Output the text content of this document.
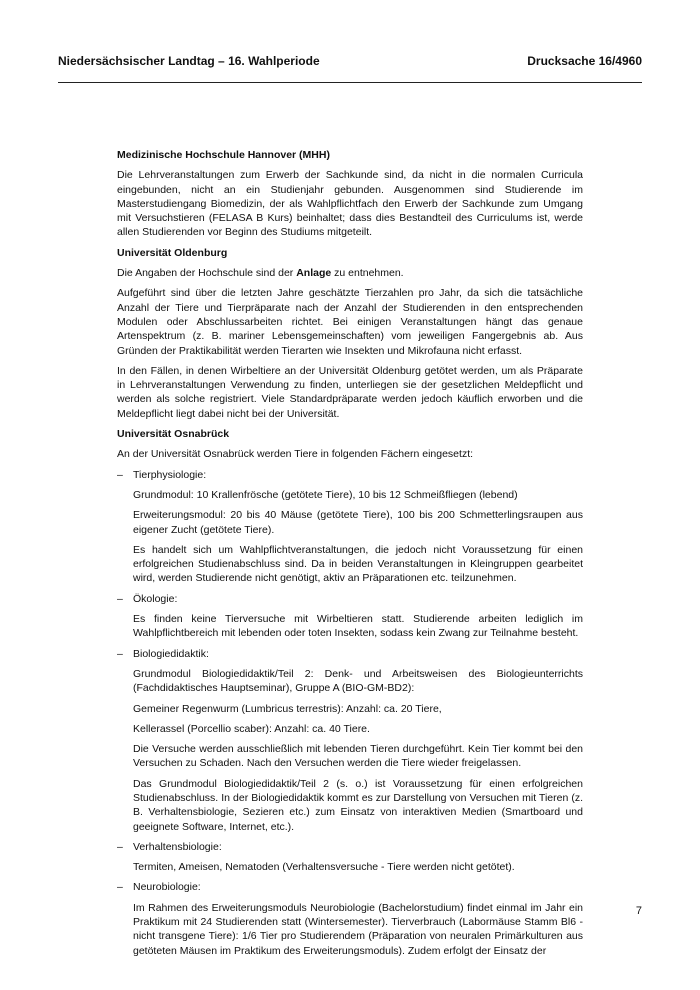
Niedersächsischer Landtag – 16. Wahlperiode	Drucksache 16/4960
Medizinische Hochschule Hannover (MHH)

Die Lehrveranstaltungen zum Erwerb der Sachkunde sind, da nicht in die normalen Curricula eingebunden, nicht an ein Studienjahr gebunden. Ausgenommen sind Studierende im Masterstudiengang Biomedizin, der als Wahlpflichtfach den Erwerb der Sachkunde zum Umgang mit Versuchstieren (FELASA B Kurs) beinhaltet; dass dies Bestandteil des Curriculums ist, werde allen Studierenden vor Beginn des Studiums mitgeteilt.

Universität Oldenburg

Die Angaben der Hochschule sind der Anlage zu entnehmen.

Aufgeführt sind über die letzten Jahre geschätzte Tierzahlen pro Jahr, da sich die tatsächliche Anzahl der Tiere und Tierpräparate nach der Anzahl der Studierenden in den entsprechenden Modulen oder Abschlussarbeiten richtet. Bei einigen Veranstaltungen hängt das genaue Artenspektrum (z. B. mariner Lebensgemeinschaften) vom jeweiligen Fangergebnis ab. Aus Gründen der Praktikabilität werden Tierarten wie Insekten und Mikrofauna nicht erfasst.

In den Fällen, in denen Wirbeltiere an der Universität Oldenburg getötet werden, um als Präparate in Lehrveranstaltungen Verwendung zu finden, unterliegen sie der gesetzlichen Meldepflicht und werden als solche registriert. Viele Standardpräparate werden jedoch käuflich erworben und die Meldepflicht liegt dabei nicht bei der Universität.

Universität Osnabrück

An der Universität Osnabrück werden Tiere in folgenden Fächern eingesetzt:

– Tierphysiologie:

Grundmodul: 10 Krallenfrösche (getötete Tiere), 10 bis 12 Schmeißfliegen (lebend)

Erweiterungsmodul: 20 bis 40 Mäuse (getötete Tiere), 100 bis 200 Schmetterlingsraupen aus eigener Zucht (getötete Tiere).

Es handelt sich um Wahlpflichtveranstaltungen, die jedoch nicht Voraussetzung für einen erfolgreichen Studienabschluss sind. Da in beiden Veranstaltungen in Kleingruppen gearbeitet wird, werden Studierende nicht genötigt, aktiv an Präparationen etc. teilzunehmen.

– Ökologie:

Es finden keine Tierversuche mit Wirbeltieren statt. Studierende arbeiten lediglich im Wahlpflichtbereich mit lebenden oder toten Insekten, sodass kein Zwang zur Teilnahme besteht.

– Biologiedidaktik:

Grundmodul Biologiedidaktik/Teil 2: Denk- und Arbeitsweisen des Biologieunterrichts (Fachdidaktisches Hauptseminar), Gruppe A (BIO-GM-BD2):

Gemeiner Regenwurm (Lumbricus terrestris): Anzahl: ca. 20 Tiere,

Kellerassel (Porcellio scaber): Anzahl: ca. 40 Tiere.

Die Versuche werden ausschließlich mit lebenden Tieren durchgeführt. Kein Tier kommt bei den Versuchen zu Schaden. Nach den Versuchen werden die Tiere wieder freigelassen.

Das Grundmodul Biologiedidaktik/Teil 2 (s. o.) ist Voraussetzung für einen erfolgreichen Studienabschluss. In der Biologiedidaktik kommt es zur Darstellung von Versuchen mit Tieren (z. B. Verhaltensbiologie, Sezieren etc.) zum Einsatz von interaktiven Medien (Smartboard und geeignete Software, Internet, etc.).

– Verhaltensbiologie:

Termiten, Ameisen, Nematoden (Verhaltensversuche - Tiere werden nicht getötet).

– Neurobiologie:

Im Rahmen des Erweiterungsmoduls Neurobiologie (Bachelorstudium) findet einmal im Jahr ein Praktikum mit 24 Studierenden statt (Wintersemester). Tierverbrauch (Labormäuse Stamm Bl6 - nicht transgene Tiere): 1/6 Tier pro Studierendem (Präparation von neuralen Primärkulturen aus getöteten Mäusen im Praktikum des Erweiterungsmoduls). Zudem erfolgt der Einsatz der

7
